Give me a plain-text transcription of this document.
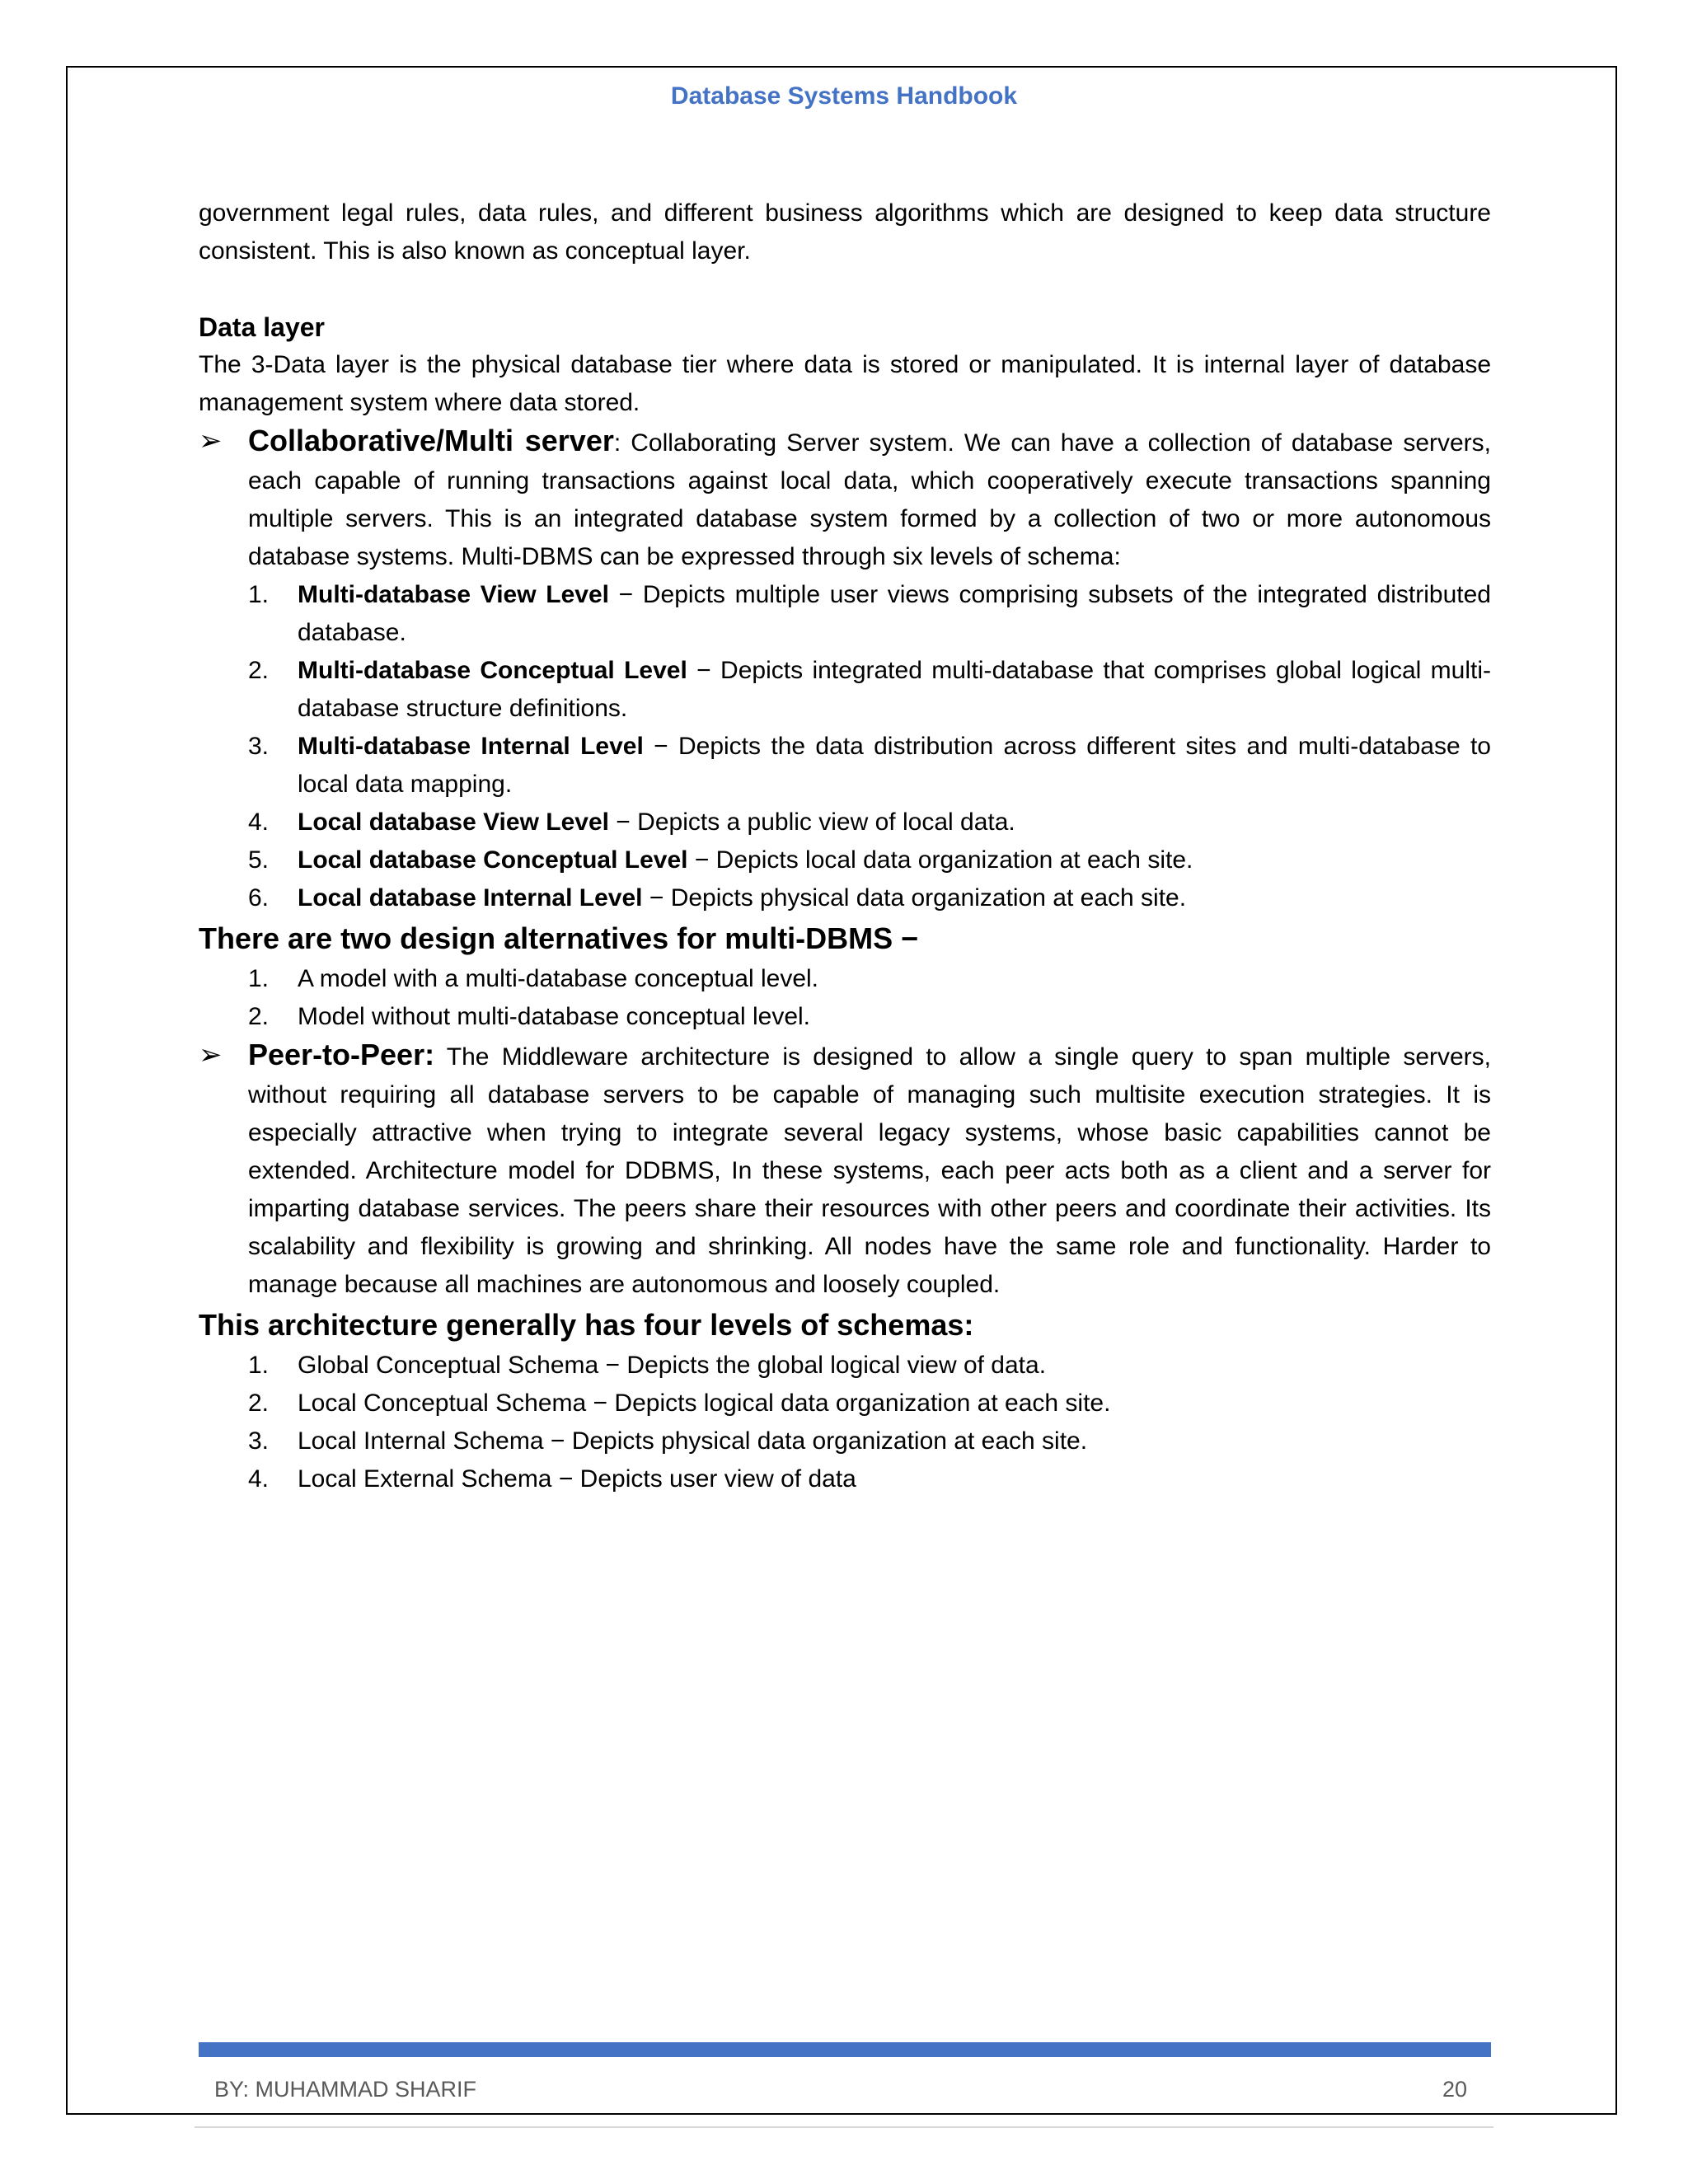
Database Systems Handbook

government legal rules, data rules, and different business algorithms which are designed to keep data structure consistent. This is also known as conceptual layer.

Data layer

The 3-Data layer is the physical database tier where data is stored or manipulated. It is internal layer of database management system where data stored.

➢ Collaborative/Multi server: Collaborating Server system. We can have a collection of database servers, each capable of running transactions against local data, which cooperatively execute transactions spanning multiple servers. This is an integrated database system formed by a collection of two or more autonomous database systems. Multi-DBMS can be expressed through six levels of schema:
1. Multi-database View Level − Depicts multiple user views comprising subsets of the integrated distributed database.
2. Multi-database Conceptual Level − Depicts integrated multi-database that comprises global logical multi-database structure definitions.
3. Multi-database Internal Level − Depicts the data distribution across different sites and multi-database to local data mapping.
4. Local database View Level − Depicts a public view of local data.
5. Local database Conceptual Level − Depicts local data organization at each site.
6. Local database Internal Level − Depicts physical data organization at each site.

There are two design alternatives for multi-DBMS −

1. A model with a multi-database conceptual level.
2. Model without multi-database conceptual level.
➢ Peer-to-Peer: The Middleware architecture is designed to allow a single query to span multiple servers, without requiring all database servers to be capable of managing such multisite execution strategies. It is especially attractive when trying to integrate several legacy systems, whose basic capabilities cannot be extended. Architecture model for DDBMS, In these systems, each peer acts both as a client and a server for imparting database services. The peers share their resources with other peers and coordinate their activities. Its scalability and flexibility is growing and shrinking. All nodes have the same role and functionality. Harder to manage because all machines are autonomous and loosely coupled.

This architecture generally has four levels of schemas:

1. Global Conceptual Schema − Depicts the global logical view of data.
2. Local Conceptual Schema − Depicts logical data organization at each site.
3. Local Internal Schema − Depicts physical data organization at each site.
4. Local External Schema − Depicts user view of data
BY: MUHAMMAD SHARIF	20
